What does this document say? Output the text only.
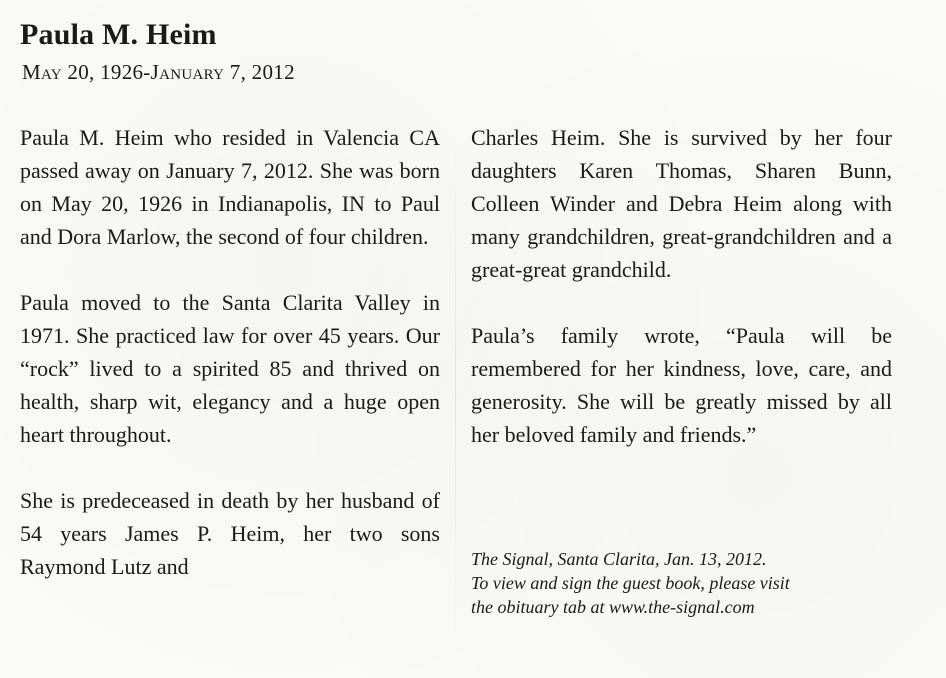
Paula M. Heim
May 20, 1926-January 7, 2012

Paula M. Heim who resided in Valencia CA passed away on January 7, 2012. She was born on May 20, 1926 in Indianapolis, IN to Paul and Dora Marlow, the second of four children.

Paula moved to the Santa Clarita Valley in 1971. She practiced law for over 45 years. Our “rock” lived to a spirited 85 and thrived on health, sharp wit, elegancy and a huge open heart throughout.

She is predeceased in death by her husband of 54 years James P. Heim, her two sons Raymond Lutz and

Charles Heim. She is survived by her four daughters Karen Thomas, Sharen Bunn, Colleen Winder and Debra Heim along with many grandchildren, great-grandchildren and a great-great grandchild.

Paula’s family wrote, “Paula will be remembered for her kindness, love, care, and generosity. She will be greatly missed by all her beloved family and friends.”

The Signal, Santa Clarita, Jan. 13, 2012.
To view and sign the guest book, please visit
the obituary tab at www.the-signal.com
